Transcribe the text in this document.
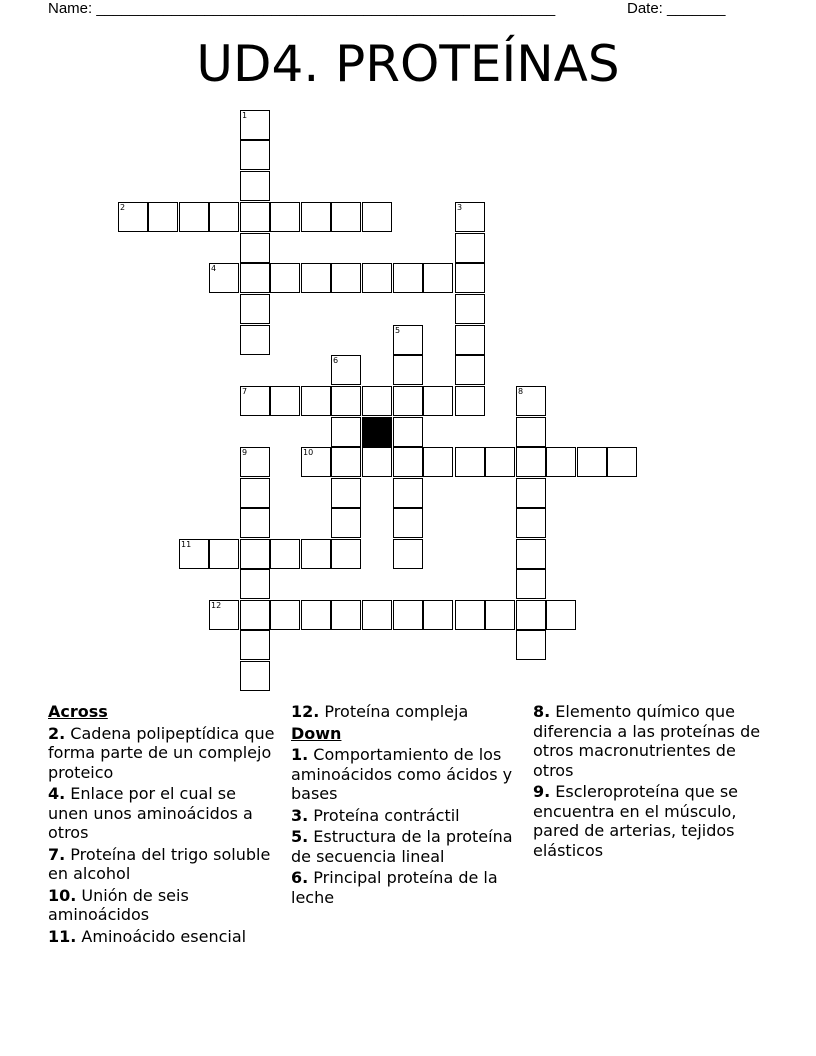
Name: _______________________________________________________	Date: _______
UD4. PROTEÍNAS
1
2	3
4
5
6
7	8
9	10
11
12
Across
2. Cadena polipeptídica que forma parte de un complejo proteico
4. Enlace por el cual se unen unos aminoácidos a otros
7. Proteína del trigo soluble en alcohol
10. Unión de seis aminoácidos
11. Aminoácido esencial
12. Proteína compleja
Down
1. Comportamiento de los aminoácidos como ácidos y bases
3. Proteína contráctil
5. Estructura de la proteína de secuencia lineal
6. Principal proteína de la leche
8. Elemento químico que diferencia a las proteínas de otros macronutrientes de otros
9. Escleroproteína que se encuentra en el músculo, pared de arterias, tejidos elásticos
